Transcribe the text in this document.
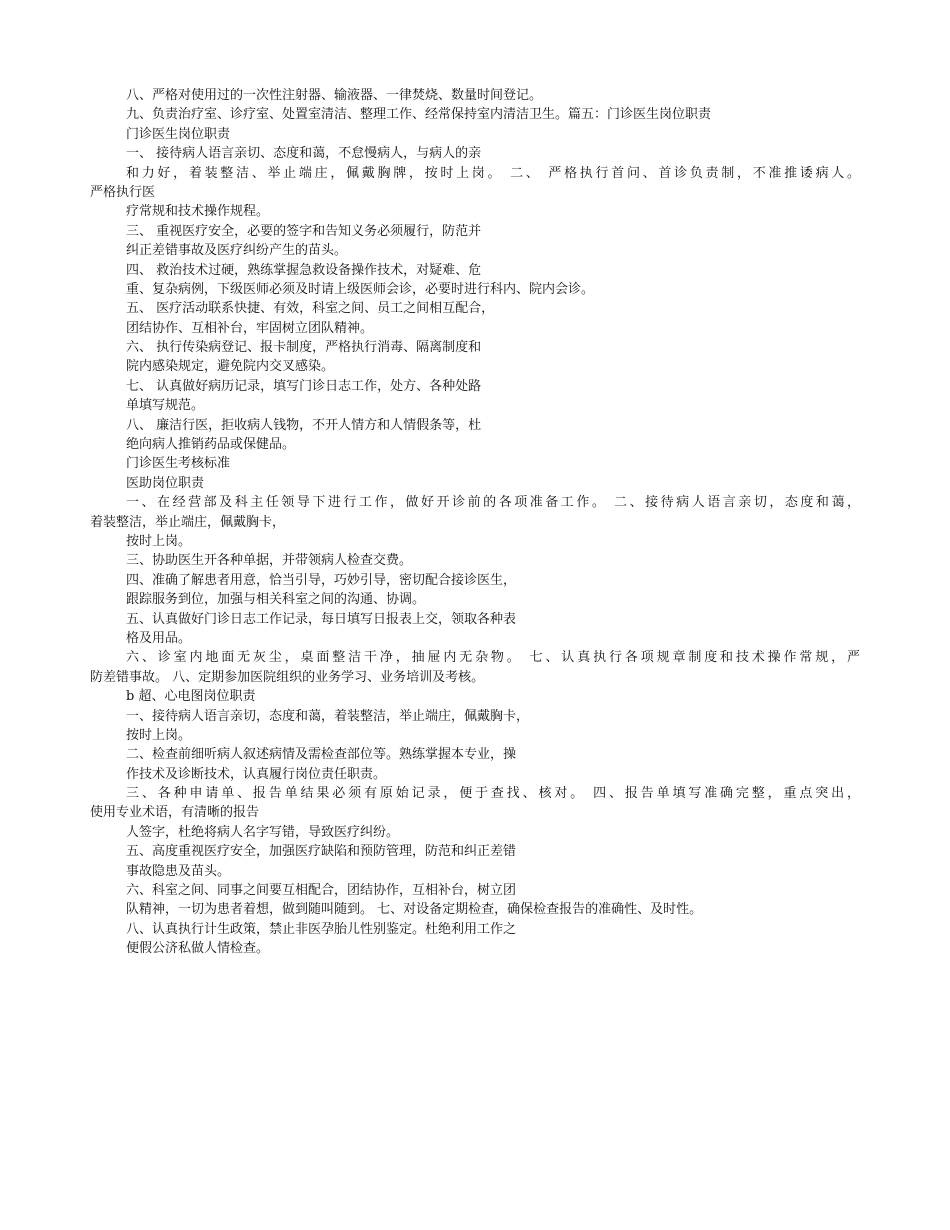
八、严格对使用过的一次性注射器、输液器、一律焚烧、数量时间登记。
九、负责治疗室、诊疗室、处置室清洁、整理工作、经常保持室内清洁卫生。篇五：门诊医生岗位职责
门诊医生岗位职责
一、 接待病人语言亲切、态度和蔼，不怠慢病人，与病人的亲
和力好，着装整洁、举止端庄，佩戴胸牌，按时上岗。 二、 严格执行首问、首诊负责制，不准推诿病人。
严格执行医
疗常规和技术操作规程。
三、 重视医疗安全，必要的签字和告知义务必须履行，防范并
纠正差错事故及医疗纠纷产生的苗头。
四、 救治技术过硬，熟练掌握急救设备操作技术，对疑难、危
重、复杂病例，下级医师必须及时请上级医师会诊，必要时进行科内、院内会诊。
五、 医疗活动联系快捷、有效，科室之间、员工之间相互配合，
团结协作、互相补台，牢固树立团队精神。
六、 执行传染病登记、报卡制度，严格执行消毒、隔离制度和
院内感染规定，避免院内交叉感染。
七、 认真做好病历记录，填写门诊日志工作，处方、各种处路
单填写规范。
八、 廉洁行医，拒收病人钱物，不开人情方和人情假条等，杜
绝向病人推销药品或保健品。
门诊医生考核标准
医助岗位职责
一、在经营部及科主任领导下进行工作，做好开诊前的各项准备工作。 二、接待病人语言亲切，态度和蔼，
着装整洁，举止端庄，佩戴胸卡，
按时上岗。
三、协助医生开各种单据，并带领病人检查交费。
四、准确了解患者用意，恰当引导，巧妙引导，密切配合接诊医生，
跟踪服务到位，加强与相关科室之间的沟通、协调。
五、认真做好门诊日志工作记录，每日填写日报表上交，领取各种表
格及用品。
六、诊室内地面无灰尘，桌面整洁干净，抽屉内无杂物。 七、认真执行各项规章制度和技术操作常规，严
防差错事故。 八、定期参加医院组织的业务学习、业务培训及考核。
b 超、心电图岗位职责
一、接待病人语言亲切，态度和蔼，着装整洁，举止端庄，佩戴胸卡，
按时上岗。
二、检查前细听病人叙述病情及需检查部位等。熟练掌握本专业，操
作技术及诊断技术，认真履行岗位责任职责。
三、各种申请单、报告单结果必须有原始记录，便于查找、核对。 四、报告单填写准确完整，重点突出，
使用专业术语，有清晰的报告
人签字，杜绝将病人名字写错，导致医疗纠纷。
五、高度重视医疗安全，加强医疗缺陷和预防管理，防范和纠正差错
事故隐患及苗头。
六、科室之间、同事之间要互相配合，团结协作，互相补台，树立团
队精神，一切为患者着想，做到随叫随到。 七、对设备定期检查，确保检查报告的准确性、及时性。
八、认真执行计生政策，禁止非医孕胎儿性别鉴定。杜绝利用工作之
便假公济私做人情检查。
